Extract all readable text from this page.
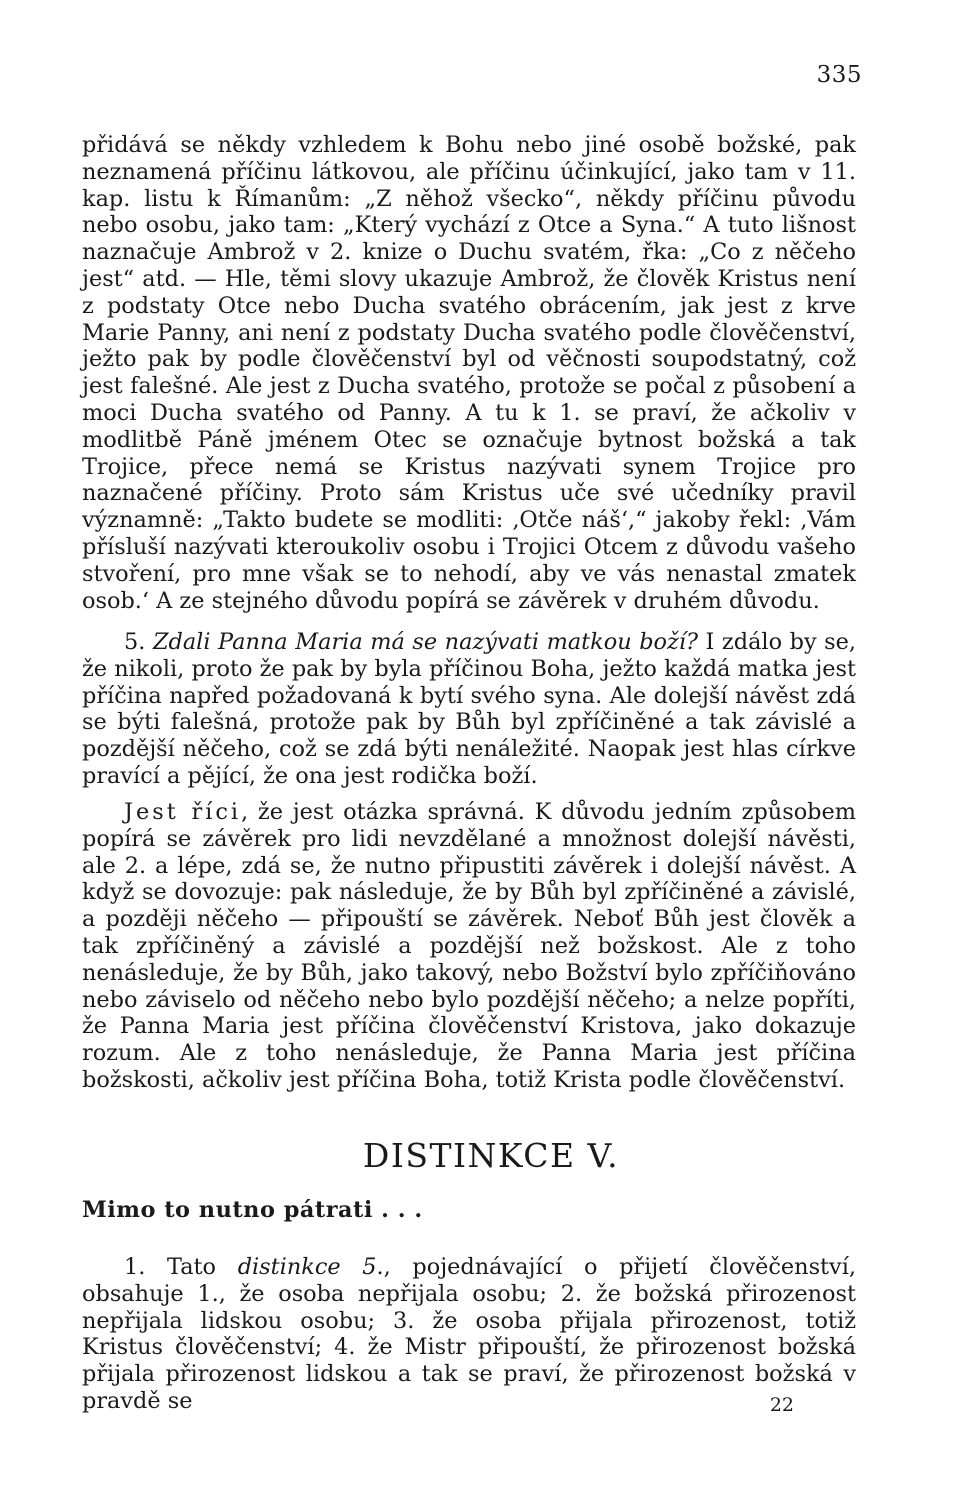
335

přidává se někdy vzhledem k Bohu nebo jiné osobě božské, pak neznamená příčinu látkovou, ale příčinu účinkující, jako tam v 11. kap. listu k Římanům: „Z něhož všecko“, někdy příčinu původu nebo osobu, jako tam: „Který vychází z Otce a Syna.“ A tuto lišnost naznačuje Ambrož v 2. knize o Duchu svatém, řka: „Co z něčeho jest“ atd. — Hle, těmi slovy ukazuje Ambrož, že člověk Kristus není z podstaty Otce nebo Ducha svatého obrácením, jak jest z krve Marie Panny, ani není z podstaty Ducha svatého podle člověčenství, ježto pak by podle člověčenství byl od věčnosti soupodstatný, což jest falešné. Ale jest z Ducha svatého, protože se počal z působení a moci Ducha svatého od Panny. A tu k 1. se praví, že ačkoliv v modlitbě Páně jménem Otec se označuje bytnost božská a tak Trojice, přece nemá se Kristus nazývati synem Trojice pro naznačené příčiny. Proto sám Kristus uče své učedníky pravil významně: „Takto budete se modliti: ‚Otče náš‘,“ jakoby řekl: ‚Vám přísluší nazývati kteroukoliv osobu i Trojici Otcem z důvodu vašeho stvoření, pro mne však se to nehodí, aby ve vás nenastal zmatek osob.‘ A ze stejného důvodu popírá se závěrek v druhém důvodu.

5. Zdali Panna Maria má se nazývati matkou boží? I zdálo by se, že nikoli, proto že pak by byla příčinou Boha, ježto každá matka jest příčina napřed požadovaná k bytí svého syna. Ale dolejší návěst zdá se býti falešná, protože pak by Bůh byl zpříčiněné a tak závislé a pozdější něčeho, což se zdá býti nenáležité. Naopak jest hlas církve pravící a pějící, že ona jest rodička boží.

Jest říci, že jest otázka správná. K důvodu jedním způsobem popírá se závěrek pro lidi nevzdělané a množnost dolejší návěsti, ale 2. a lépe, zdá se, že nutno připustiti závěrek i dolejší návěst. A když se dovozuje: pak následuje, že by Bůh byl zpříčiněné a závislé, a později něčeho — připouští se závěrek. Neboť Bůh jest člověk a tak zpříčiněný a závislé a pozdější než božskost. Ale z toho nenásleduje, že by Bůh, jako takový, nebo Božství bylo zpříčiňováno nebo záviselo od něčeho nebo bylo pozdější něčeho; a nelze popříti, že Panna Maria jest příčina člověčenství Kristova, jako dokazuje rozum. Ale z toho nenásleduje, že Panna Maria jest příčina božskosti, ačkoliv jest příčina Boha, totiž Krista podle člověčenství.

DISTINKCE V.
Mimo to nutno pátrati . . .

1. Tato distinkce 5., pojednávající o přijetí člověčenství, obsahuje 1., že osoba nepřijala osobu; 2. že božská přirozenost nepřijala lidskou osobu; 3. že osoba přijala přirozenost, totiž Kristus člověčenství; 4. že Mistr připouští, že přirozenost božská přijala přirozenost lidskou a tak se praví, že přirozenost božská v pravdě se	22
